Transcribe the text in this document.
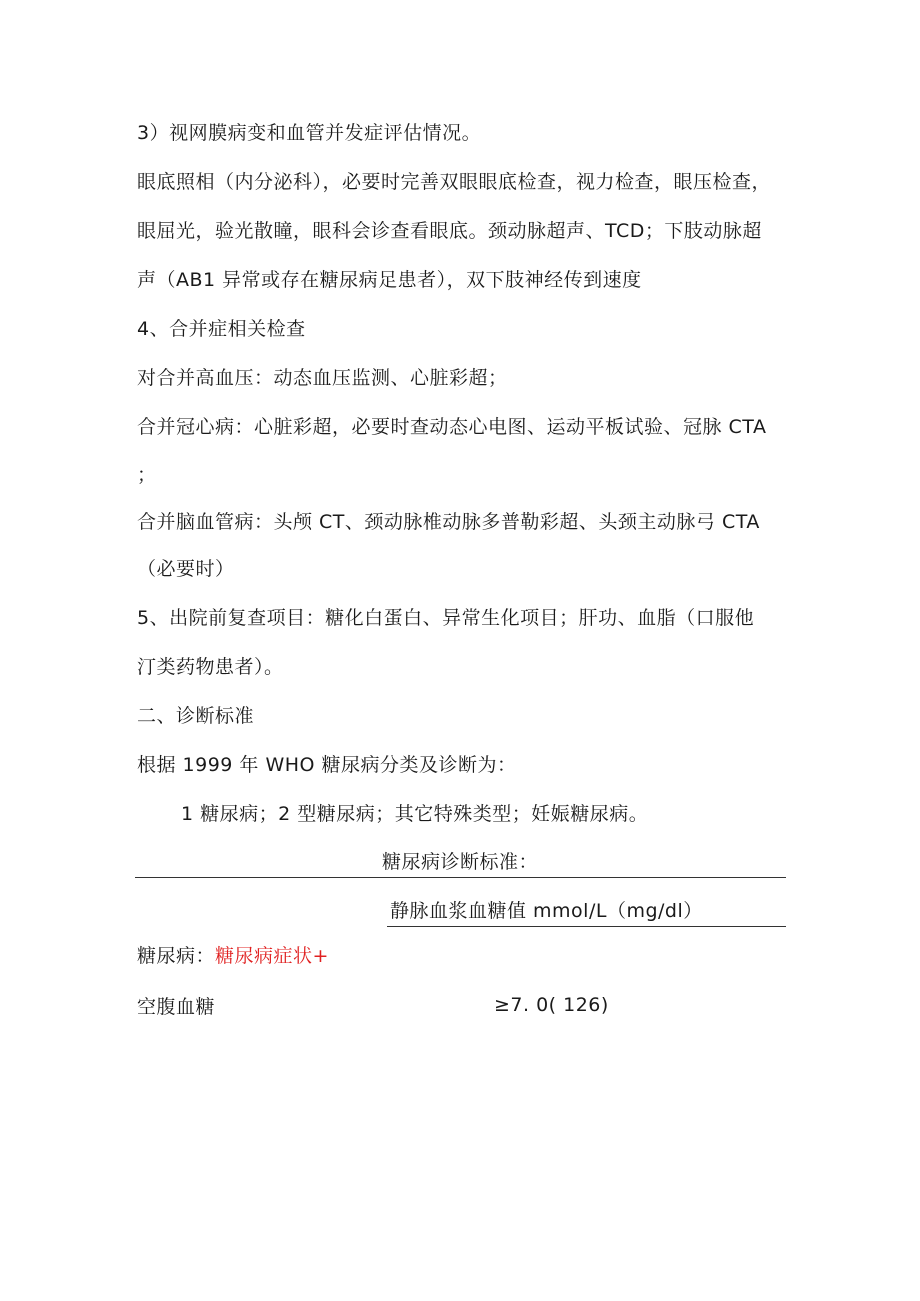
3）视网膜病变和血管并发症评估情况。
眼底照相（内分泌科），必要时完善双眼眼底检查，视力检查，眼压检查，
眼屈光，验光散瞳，眼科会诊查看眼底。颈动脉超声、TCD；下肢动脉超
声（AB1 异常或存在糖尿病足患者），双下肢神经传到速度
4、合并症相关检查
对合并高血压：动态血压监测、心脏彩超；
合并冠心病：心脏彩超，必要时查动态心电图、运动平板试验、冠脉 CTA
；
合并脑血管病：头颅 CT、颈动脉椎动脉多普勒彩超、头颈主动脉弓 CTA
（必要时）
5、出院前复查项目：糖化白蛋白、异常生化项目；肝功、血脂（口服他
汀类药物患者）。
二、诊断标准
根据 1999 年 WHO 糖尿病分类及诊断为：
1 糖尿病；2 型糖尿病；其它特殊类型；妊娠糖尿病。
糖尿病诊断标准：
静脉血浆血糖值 mmol/L（mg/dl）
糖尿病：糖尿病症状+
空腹血糖	≥7. 0( 126)
